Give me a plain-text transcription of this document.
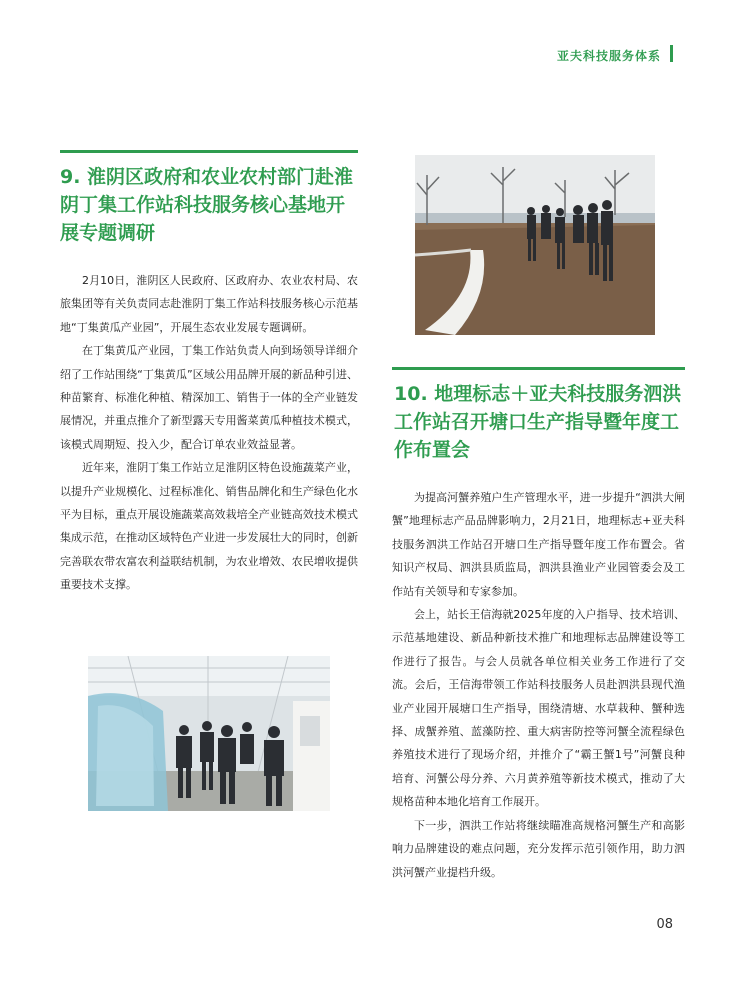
亚夫科技服务体系
9. 淮阴区政府和农业农村部门赴淮阴丁集工作站科技服务核心基地开展专题调研

2月10日，淮阴区人民政府、区政府办、农业农村局、农旅集团等有关负责同志赴淮阴丁集工作站科技服务核心示范基地“丁集黄瓜产业园”，开展生态农业发展专题调研。

在丁集黄瓜产业园，丁集工作站负责人向到场领导详细介绍了工作站围绕“丁集黄瓜”区域公用品牌开展的新品种引进、种苗繁育、标准化种植、精深加工、销售于一体的全产业链发展情况，并重点推介了新型露天专用酱菜黄瓜种植技术模式，该模式周期短、投入少，配合订单农业效益显著。

近年来，淮阴丁集工作站立足淮阴区特色设施蔬菜产业，以提升产业规模化、过程标准化、销售品牌化和生产绿色化水平为目标，重点开展设施蔬菜高效栽培全产业链高效技术模式集成示范，在推动区域特色产业进一步发展壮大的同时，创新完善联农带农富农利益联结机制，为农业增效、农民增收提供重要技术支撑。

10. 地理标志＋亚夫科技服务泗洪工作站召开塘口生产指导暨年度工作布置会

为提高河蟹养殖户生产管理水平，进一步提升“泗洪大闸蟹”地理标志产品品牌影响力，2月21日，地理标志+亚夫科技服务泗洪工作站召开塘口生产指导暨年度工作布置会。省知识产权局、泗洪县质监局，泗洪县渔业产业园管委会及工作站有关领导和专家参加。

会上，站长王信海就2025年度的入户指导、技术培训、示范基地建设、新品种新技术推广和地理标志品牌建设等工作进行了报告。与会人员就各单位相关业务工作进行了交流。会后，王信海带领工作站科技服务人员赴泗洪县现代渔业产业园开展塘口生产指导，围绕清塘、水草栽种、蟹种选择、成蟹养殖、蓝藻防控、重大病害防控等河蟹全流程绿色养殖技术进行了现场介绍，并推介了“霸王蟹1号”河蟹良种培育、河蟹公母分养、六月黄养殖等新技术模式，推动了大规格苗种本地化培育工作展开。

下一步，泗洪工作站将继续瞄准高规格河蟹生产和高影响力品牌建设的难点问题，充分发挥示范引领作用，助力泗洪河蟹产业提档升级。

08
